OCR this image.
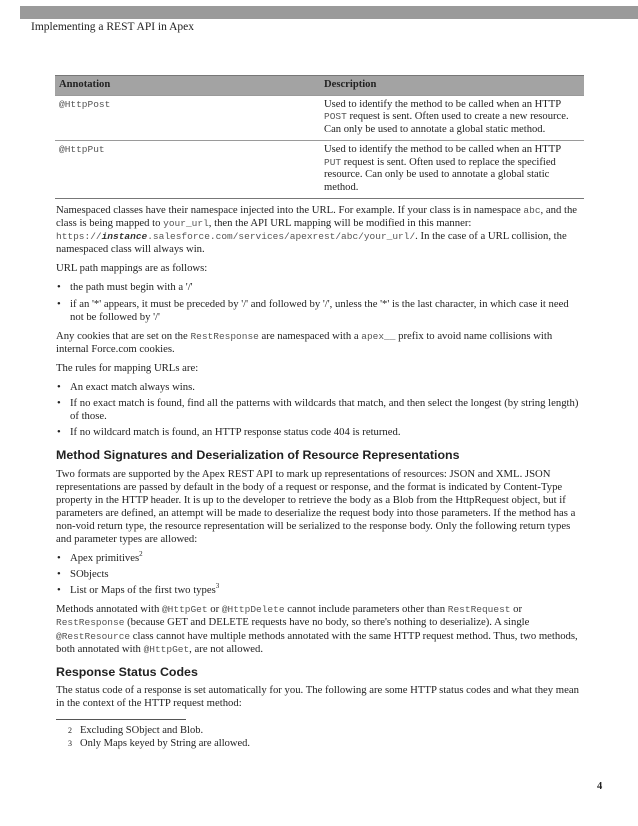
Implementing a REST API in Apex
Annotation	Description
@HttpPost	Used to identify the method to be called when an HTTP POST request is sent. Often used to create a new resource. Can only be used to annotate a global static method.
@HttpPut	Used to identify the method to be called when an HTTP PUT request is sent. Often used to replace the specified resource. Can only be used to annotate a global static method.

Namespaced classes have their namespace injected into the URL. For example. If your class is in namespace abc, and the class is being mapped to your_url, then the API URL mapping will be modified in this manner: https://instance.salesforce.com/services/apexrest/abc/your_url/. In the case of a URL collision, the namespaced class will always win.

URL path mappings are as follows:

• the path must begin with a '/'
• if an '*' appears, it must be preceded by '/' and followed by '/', unless the '*' is the last character, in which case it need not be followed by '/'

Any cookies that are set on the RestResponse are namespaced with a apex__ prefix to avoid name collisions with internal Force.com cookies.

The rules for mapping URLs are:

• An exact match always wins.
• If no exact match is found, find all the patterns with wildcards that match, and then select the longest (by string length) of those.
• If no wildcard match is found, an HTTP response status code 404 is returned.
Method Signatures and Deserialization of Resource Representations

Two formats are supported by the Apex REST API to mark up representations of resources: JSON and XML. JSON representations are passed by default in the body of a request or response, and the format is indicated by Content-Type property in the HTTP header. It is up to the developer to retrieve the body as a Blob from the HttpRequest object, but if parameters are defined, an attempt will be made to deserialize the request body into those parameters. If the method has a non-void return type, the resource representation will be serialized to the response body. Only the following return types and parameter types are allowed:

• Apex primitives$^2$
• SObjects
• List or Maps of the first two types$^3$

Methods annotated with @HttpGet or @HttpDelete cannot include parameters other than RestRequest or RestResponse (because GET and DELETE requests have no body, so there's nothing to deserialize). A single @RestResource class cannot have multiple methods annotated with the same HTTP request method. Thus, two methods, both annotated with @HttpGet, are not allowed.

Response Status Codes

The status code of a response is set automatically for you. The following are some HTTP status codes and what they mean in the context of the HTTP request method:

2 Excluding SObject and Blob.
3 Only Maps keyed by String are allowed.
4
